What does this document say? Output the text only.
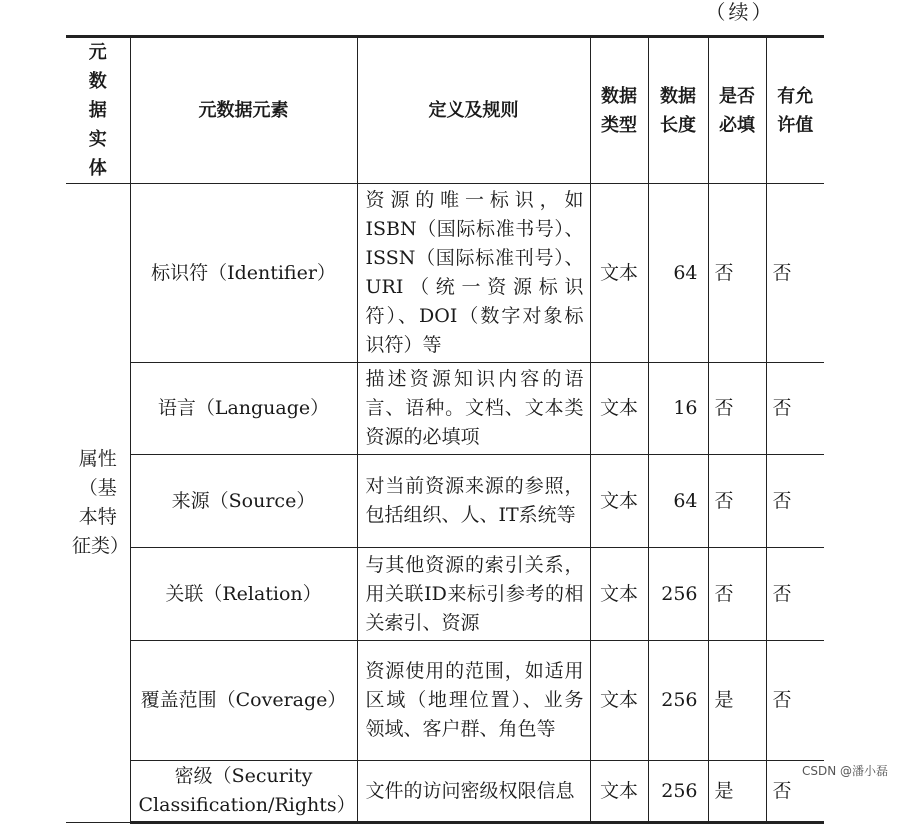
（续）
元数据实体	元数据元素	定义及规则	数据类型	数据长度	是否必填	有允许值
属性（基本特征类）	标识符（Identifier）	资源的唯一标识，如ISBN（国际标准书号）、ISSN（国际标准刊号）、URI（统一资源标识符）、DOI（数字对象标识符）等	文本	64	否	否
	语言（Language）	描述资源知识内容的语言、语种。文档、文本类资源的必填项	文本	16	否	否
	来源（Source）	对当前资源来源的参照，包括组织、人、IT系统等	文本	64	否	否
	关联（Relation）	与其他资源的索引关系，用关联ID来标引参考的相关索引、资源	文本	256	否	否
	覆盖范围（Coverage）	资源使用的范围，如适用区域（地理位置）、业务领域、客户群、角色等	文本	256	是	否
	密级（Security Classification/Rights）	文件的访问密级权限信息	文本	256	是	否
CSDN @潘小磊
